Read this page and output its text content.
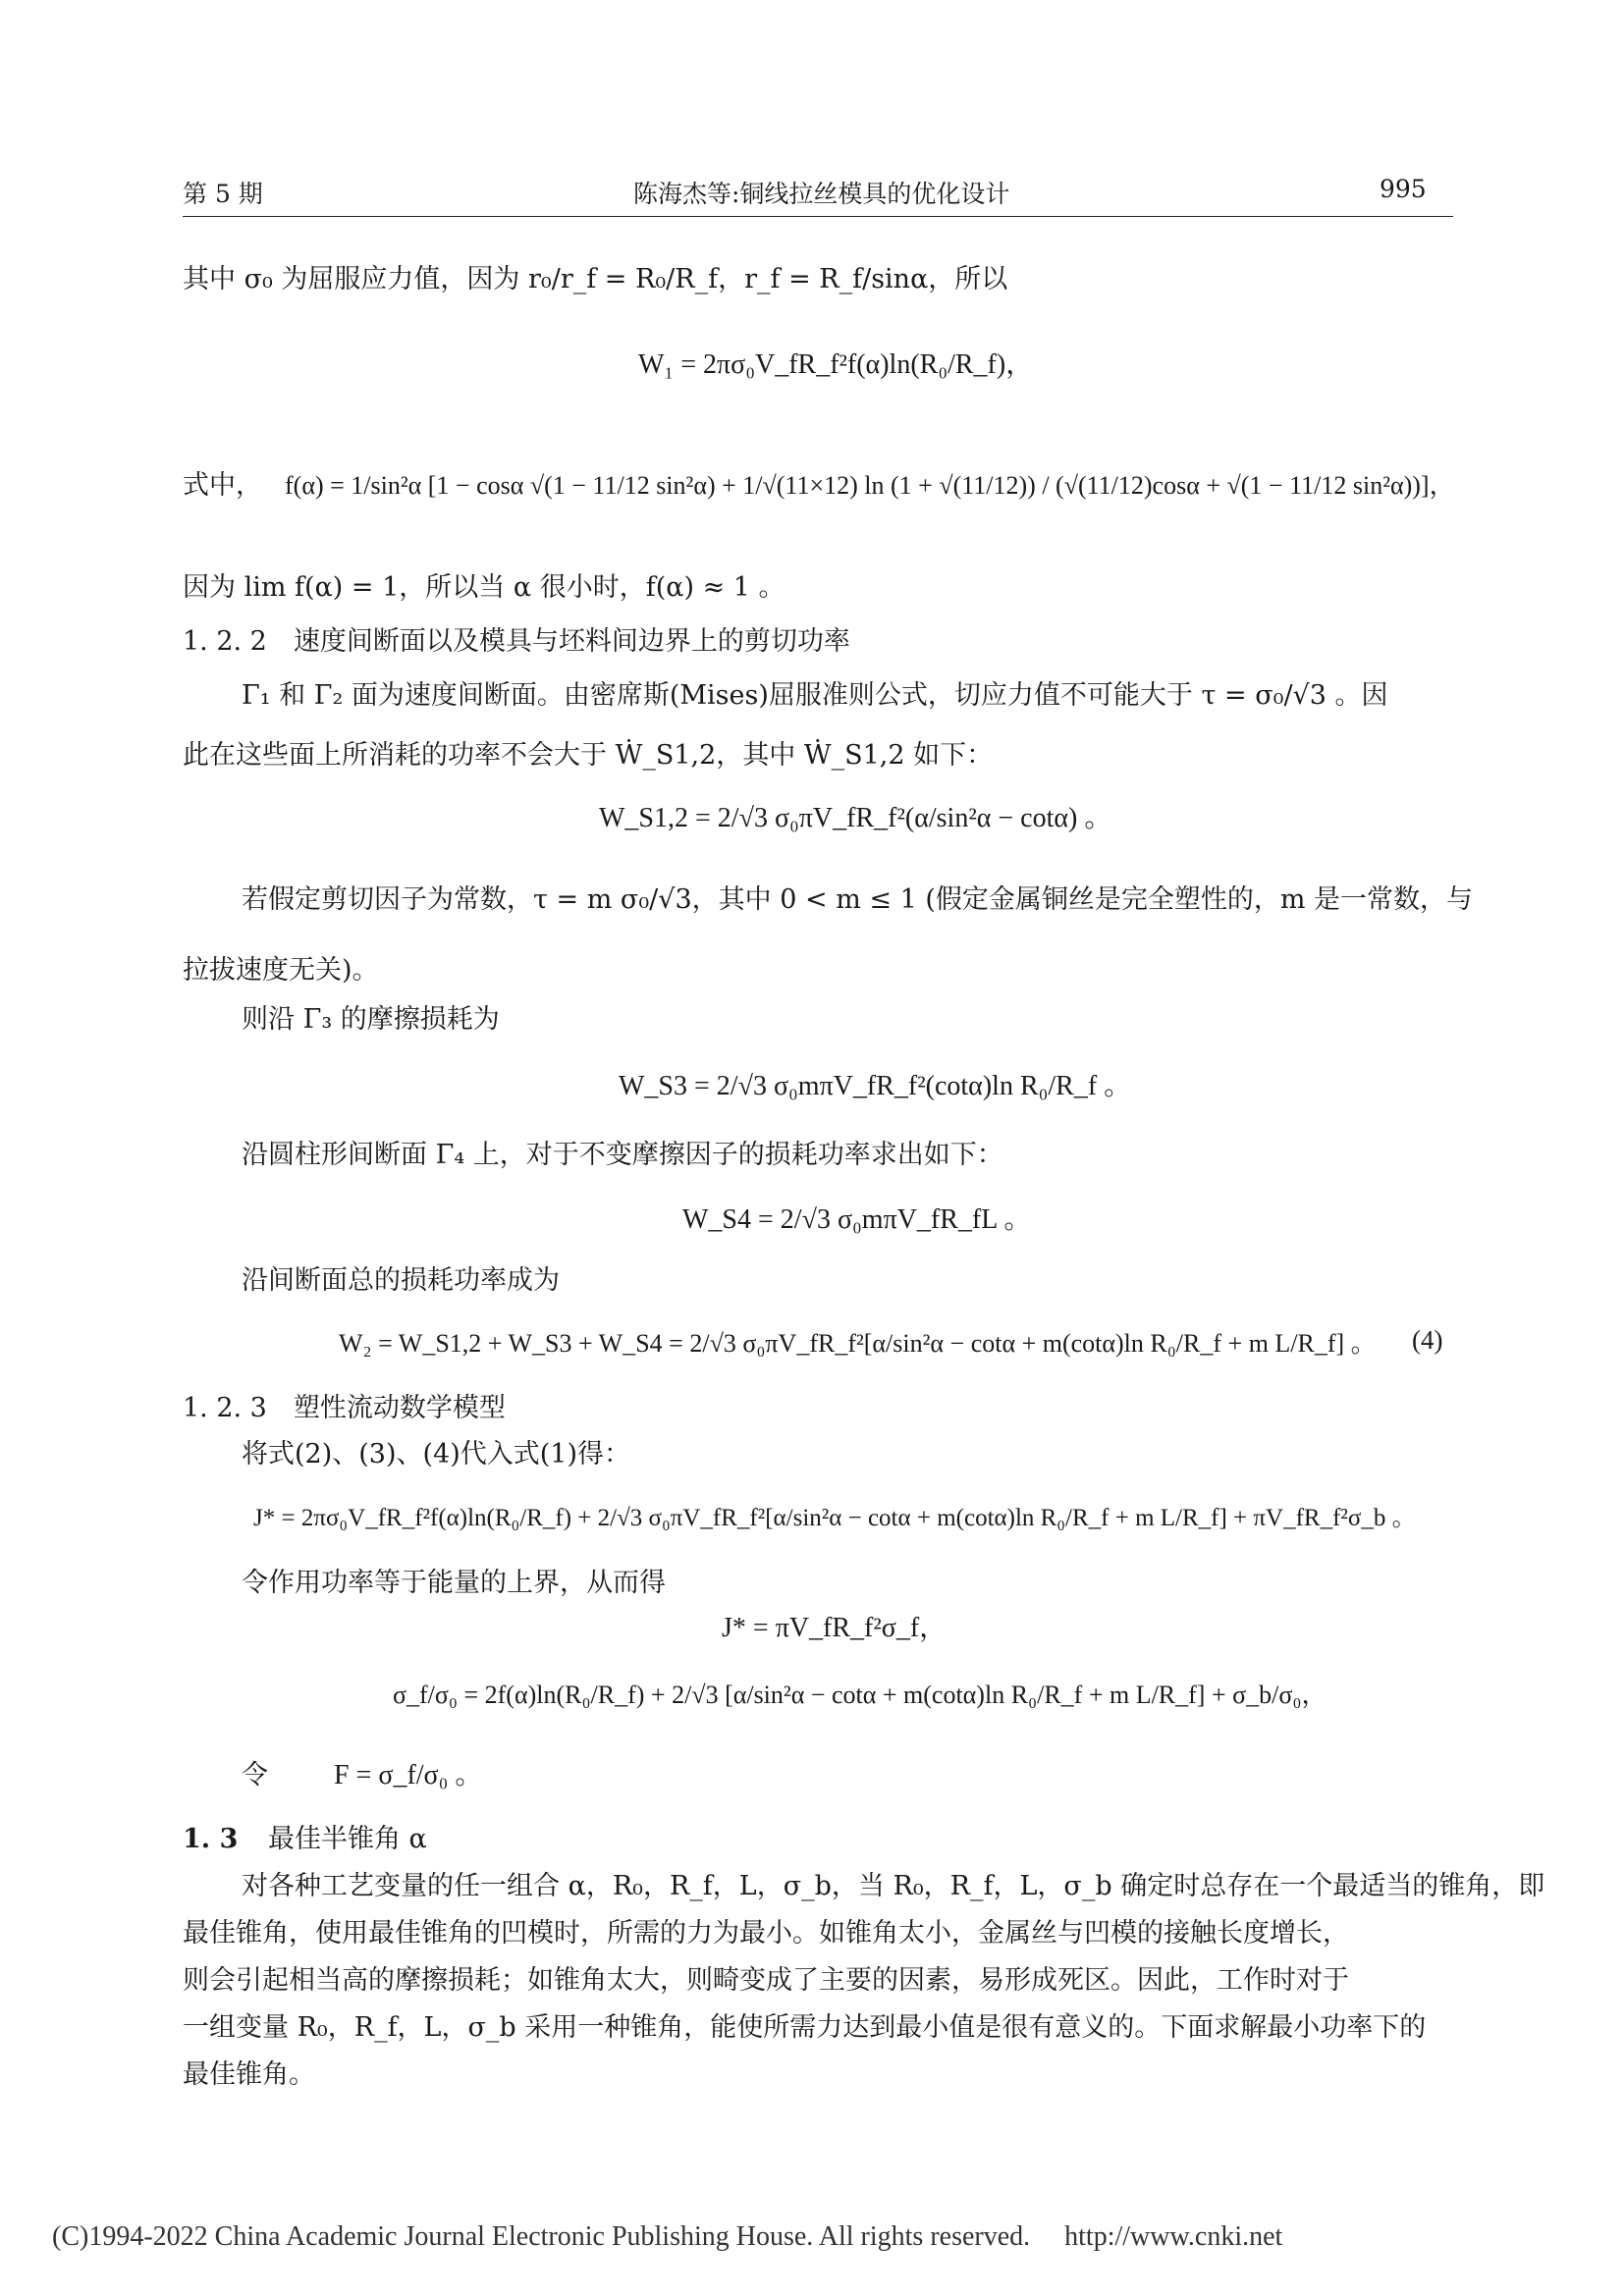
第 5 期	陈海杰等:铜线拉丝模具的优化设计	995
其中 σ₀ 为屈服应力值，因为 r₀/r_f = R₀/R_f，r_f = R_f/sinα，所以
W₁ = 2πσ₀V_fR_f²f(α)ln(R₀/R_f)，
式中， f(α) = 1/sin²α [1 − cosα √(1 − 11/12 sin²α) + 1/√(11×12) ln (1 + √(11/12)) / (√(11/12)cosα + √(1 − 11/12 sin²α))]，
因为 lim f(α) = 1，所以当 α 很小时，f(α) ≈ 1 。
1. 2. 2　速度间断面以及模具与坯料间边界上的剪切功率
Γ₁ 和 Γ₂ 面为速度间断面。由密席斯(Mises)屈服准则公式，切应力值不可能大于 τ = σ₀/√3 。因
此在这些面上所消耗的功率不会大于 Ẇ_S1,2，其中 Ẇ_S1,2 如下：
W_S1,2 = 2/√3 σ₀πV_fR_f²(α/sin²α − cotα) 。
若假定剪切因子为常数，τ = m σ₀/√3，其中 0 < m ≤ 1 (假定金属铜丝是完全塑性的，m 是一常数，与
拉拔速度无关)。
则沿 Γ₃ 的摩擦损耗为
W_S3 = 2/√3 σ₀mπV_fR_f²(cotα)ln R₀/R_f 。
沿圆柱形间断面 Γ₄ 上，对于不变摩擦因子的损耗功率求出如下：
W_S4 = 2/√3 σ₀mπV_fR_fL 。
沿间断面总的损耗功率成为
W₂ = W_S1,2 + W_S3 + W_S4 = 2/√3 σ₀πV_fR_f²[α/sin²α − cotα + m(cotα)ln R₀/R_f + m L/R_f] 。 (4)
1. 2. 3　塑性流动数学模型
将式(2)、(3)、(4)代入式(1)得：
J* = 2πσ₀V_fR_f²f(α)ln(R₀/R_f) + 2/√3 σ₀πV_fR_f²[α/sin²α − cotα + m(cotα)ln R₀/R_f + m L/R_f] + πV_fR_f²σ_b 。
令作用功率等于能量的上界，从而得
J* = πV_fR_f²σ_f，
σ_f/σ₀ = 2f(α)ln(R₀/R_f) + 2/√3 [α/sin²α − cotα + m(cotα)ln R₀/R_f + m L/R_f] + σ_b/σ₀，
令 F = σ_f/σ₀ 。
1. 3 最佳半锥角 α
对各种工艺变量的任一组合 α，R₀，R_f，L，σ_b，当 R₀，R_f，L，σ_b 确定时总存在一个最适当的锥角，即
最佳锥角，使用最佳锥角的凹模时，所需的力为最小。如锥角太小，金属丝与凹模的接触长度增长，
则会引起相当高的摩擦损耗；如锥角太大，则畸变成了主要的因素，易形成死区。因此，工作时对于
一组变量 R₀，R_f，L，σ_b 采用一种锥角，能使所需力达到最小值是很有意义的。下面求解最小功率下的
最佳锥角。
(C)1994-2022 China Academic Journal Electronic Publishing House. All rights reserved. http://www.cnki.net
